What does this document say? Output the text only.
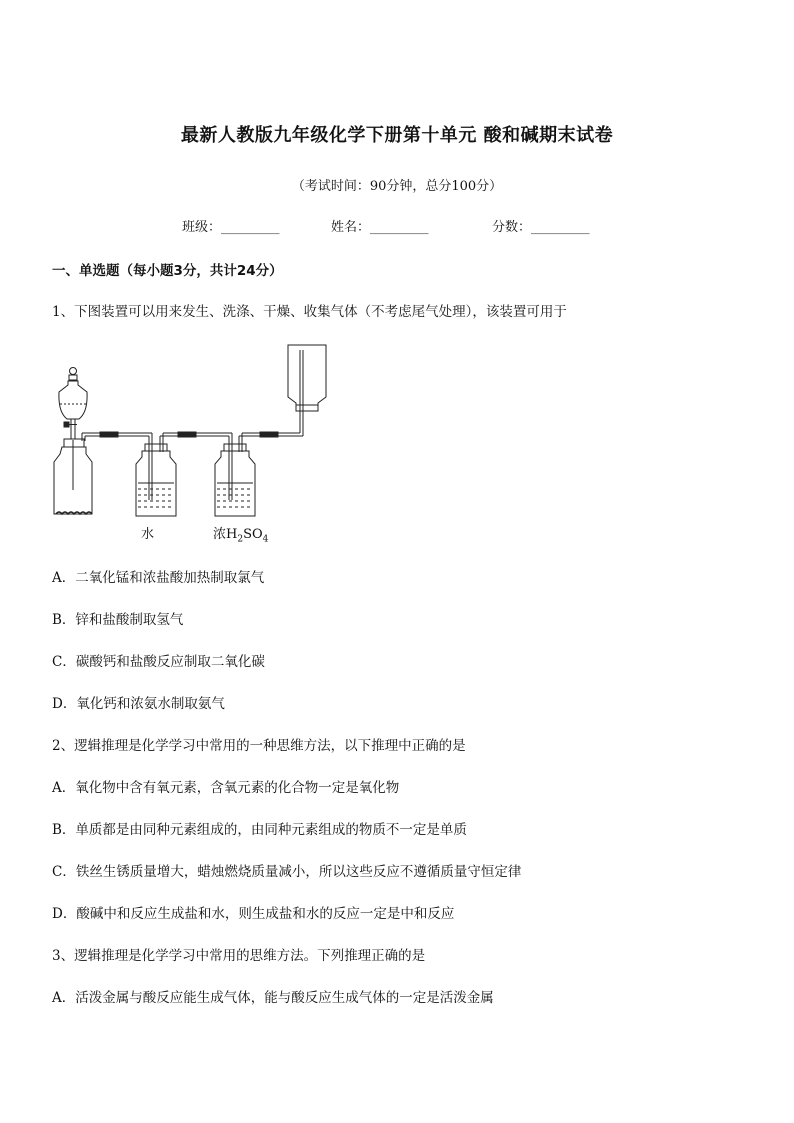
最新人教版九年级化学下册第十单元 酸和碱期末试卷
（考试时间：90分钟，总分100分）
班级：_________	姓名：_________	分数：_________
一、单选题（每小题3分，共计24分）
1、下图装置可以用来发生、洗涤、干燥、收集气体（不考虑尾气处理），该装置可用于
水	浓$H_2SO_4$
A．二氧化锰和浓盐酸加热制取氯气
B．锌和盐酸制取氢气
C．碳酸钙和盐酸反应制取二氧化碳
D．氧化钙和浓氨水制取氨气
2、逻辑推理是化学学习中常用的一种思维方法，以下推理中正确的是
A．氧化物中含有氧元素，含氧元素的化合物一定是氧化物
B．单质都是由同种元素组成的，由同种元素组成的物质不一定是单质
C．铁丝生锈质量增大，蜡烛燃烧质量减小，所以这些反应不遵循质量守恒定律
D．酸碱中和反应生成盐和水，则生成盐和水的反应一定是中和反应
3、逻辑推理是化学学习中常用的思维方法。下列推理正确的是
A．活泼金属与酸反应能生成气体，能与酸反应生成气体的一定是活泼金属
